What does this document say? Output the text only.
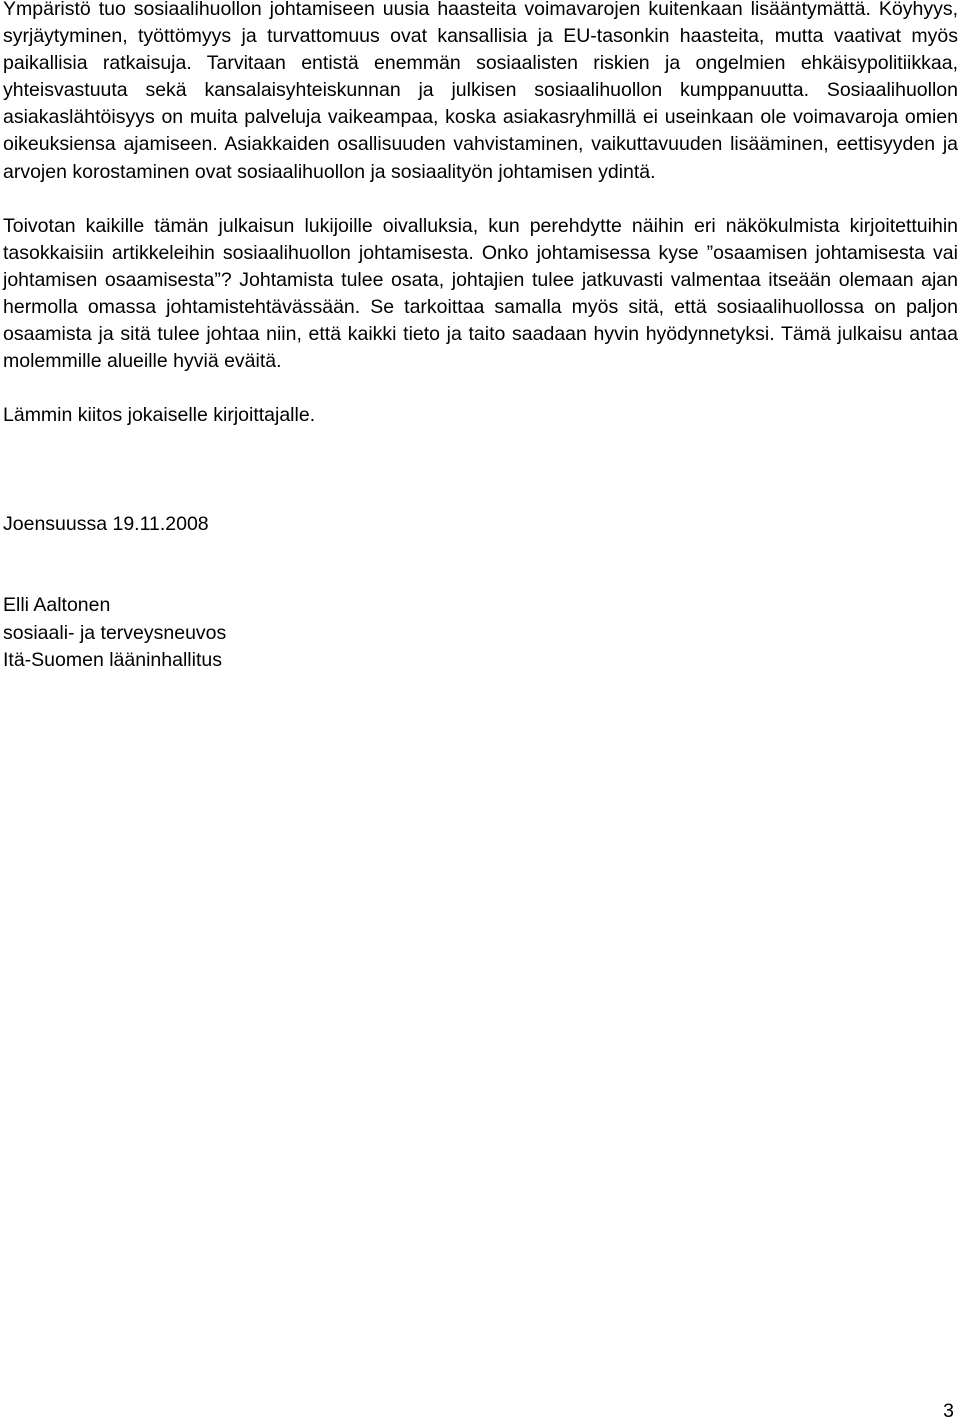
Ympäristö tuo sosiaalihuollon johtamiseen uusia haasteita voimavarojen kuitenkaan lisääntymättä. Köyhyys, syrjäytyminen, työttömyys ja turvattomuus ovat kansallisia ja EU-tasonkin haasteita, mutta vaativat myös paikallisia ratkaisuja. Tarvitaan entistä enemmän sosiaalisten riskien ja ongelmien ehkäisypolitiikkaa, yhteisvastuuta sekä kansalaisyhteiskunnan ja julkisen sosiaalihuollon kumppanuutta. Sosiaalihuollon asiakaslähtöisyys on muita palveluja vaikeampaa, koska asiakasryhmillä ei useinkaan ole voimavaroja omien oikeuksiensa ajamiseen. Asiakkaiden osallisuuden vahvistaminen, vaikuttavuuden lisääminen, eettisyyden ja arvojen korostaminen ovat sosiaalihuollon ja sosiaalityön johtamisen ydintä.

Toivotan kaikille tämän julkaisun lukijoille oivalluksia, kun perehdytte näihin eri näkökulmista kirjoitettuihin tasokkaisiin artikkeleihin sosiaalihuollon johtamisesta. Onko johtamisessa kyse ”osaamisen johtamisesta vai johtamisen osaamisesta”? Johtamista tulee osata, johtajien tulee jatkuvasti valmentaa itseään olemaan ajan hermolla omassa johtamistehtävässään. Se tarkoittaa samalla myös sitä, että sosiaalihuollossa on paljon osaamista ja sitä tulee johtaa niin, että kaikki tieto ja taito saadaan hyvin hyödynnetyksi. Tämä julkaisu antaa molemmille alueille hyviä eväitä.

Lämmin kiitos jokaiselle kirjoittajalle.

Joensuussa 19.11.2008

Elli Aaltonen
sosiaali- ja terveysneuvos
Itä-Suomen lääninhallitus
3
